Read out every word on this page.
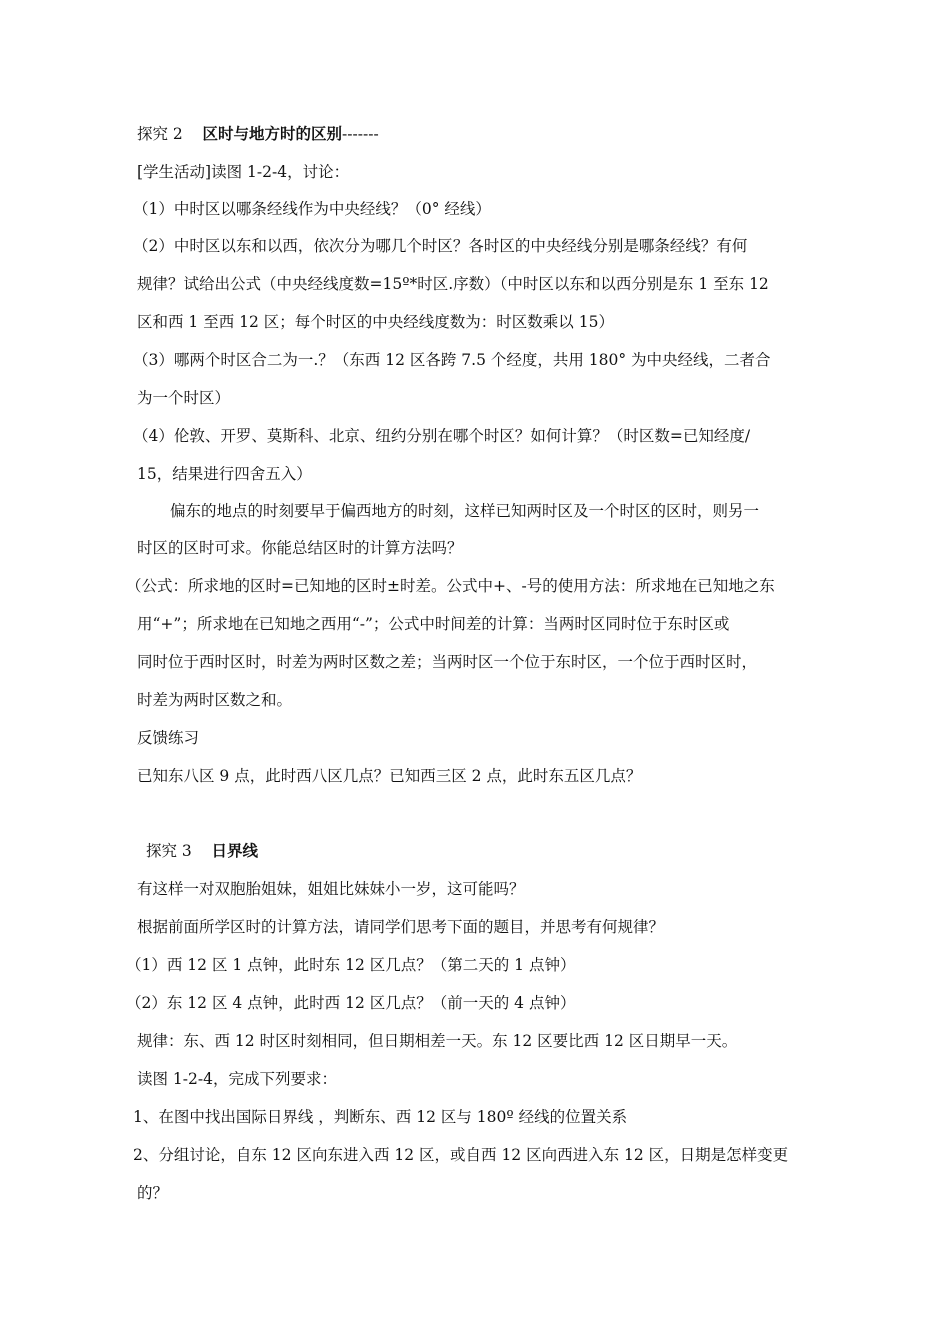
探究 2 区时与地方时的区别-------
[学生活动]读图 1-2-4，讨论：
（1）中时区以哪条经线作为中央经线？（0° 经线）
（2）中时区以东和以西，依次分为哪几个时区？各时区的中央经线分别是哪条经线？有何
规律？试给出公式（中央经线度数=15º*时区.序数）（中时区以东和以西分别是东 1 至东 12
区和西 1 至西 12 区；每个时区的中央经线度数为：时区数乘以 15）
（3）哪两个时区合二为一.？（东西 12 区各跨 7.5 个经度，共用 180° 为中央经线，二者合
为一个时区）
（4）伦敦、开罗、莫斯科、北京、纽约分别在哪个时区？如何计算？（时区数=已知经度/
15，结果进行四舍五入）
偏东的地点的时刻要早于偏西地方的时刻，这样已知两时区及一个时区的区时，则另一
时区的区时可求。你能总结区时的计算方法吗？
（公式：所求地的区时=已知地的区时±时差。公式中+、-号的使用方法：所求地在已知地之东
用“+”；所求地在已知地之西用“-”；公式中时间差的计算：当两时区同时位于东时区或
同时位于西时区时，时差为两时区数之差；当两时区一个位于东时区，一个位于西时区时，
时差为两时区数之和。
反馈练习
已知东八区 9 点，此时西八区几点？已知西三区 2 点，此时东五区几点？
探究 3 日界线
有这样一对双胞胎姐妹，姐姐比妹妹小一岁，这可能吗？
根据前面所学区时的计算方法，请同学们思考下面的题目，并思考有何规律？
（1）西 12 区 1 点钟，此时东 12 区几点？（第二天的 1 点钟）
（2）东 12 区 4 点钟，此时西 12 区几点？（前一天的 4 点钟）
规律：东、西 12 时区时刻相同，但日期相差一天。东 12 区要比西 12 区日期早一天。
读图 1-2-4，完成下列要求：
1、在图中找出国际日界线 ，判断东、西 12 区与 180º 经线的位置关系
2、分组讨论，自东 12 区向东进入西 12 区，或自西 12 区向西进入东 12 区，日期是怎样变更
的？
